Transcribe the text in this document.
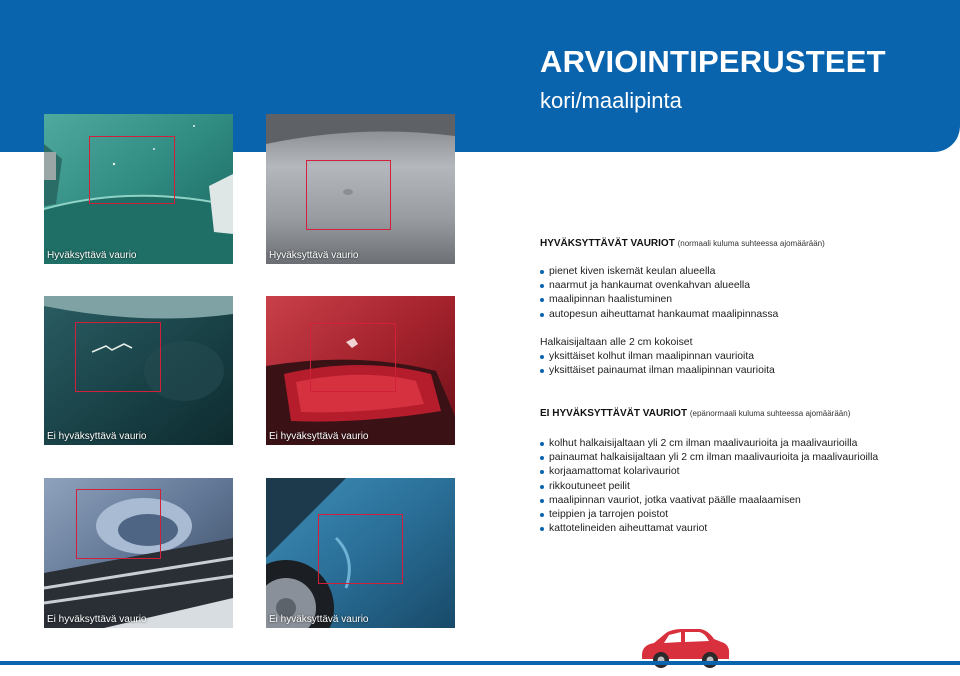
ARVIOINTIPERUSTEET
kori/maalipinta
Hyväksyttävä vaurio	Hyväksyttävä vaurio
Ei hyväksyttävä vaurio	Ei hyväksyttävä vaurio
Ei hyväksyttävä vaurio	Ei hyväksyttävä vaurio
HYVÄKSYTTÄVÄT VAURIOT (normaali kuluma suhteessa ajomäärään)
pienet kiven iskemät keulan alueella
naarmut ja hankaumat ovenkahvan alueella
maalipinnan haalistuminen
autopesun aiheuttamat hankaumat maalipinnassa
Halkaisijaltaan alle 2 cm kokoiset
yksittäiset kolhut ilman maalipinnan vaurioita
yksittäiset painaumat ilman maalipinnan vaurioita
EI HYVÄKSYTTÄVÄT VAURIOT (epänormaali kuluma suhteessa ajomäärään)
kolhut halkaisijaltaan yli 2 cm ilman maalivaurioita ja maalivaurioilla
painaumat halkaisijaltaan yli 2 cm ilman maalivaurioita ja maalivaurioilla
korjaamattomat kolarivauriot
rikkoutuneet peilit
maalipinnan vauriot, jotka vaativat päälle maalaamisen
teippien ja tarrojen poistot
kattotelineiden aiheuttamat vauriot
